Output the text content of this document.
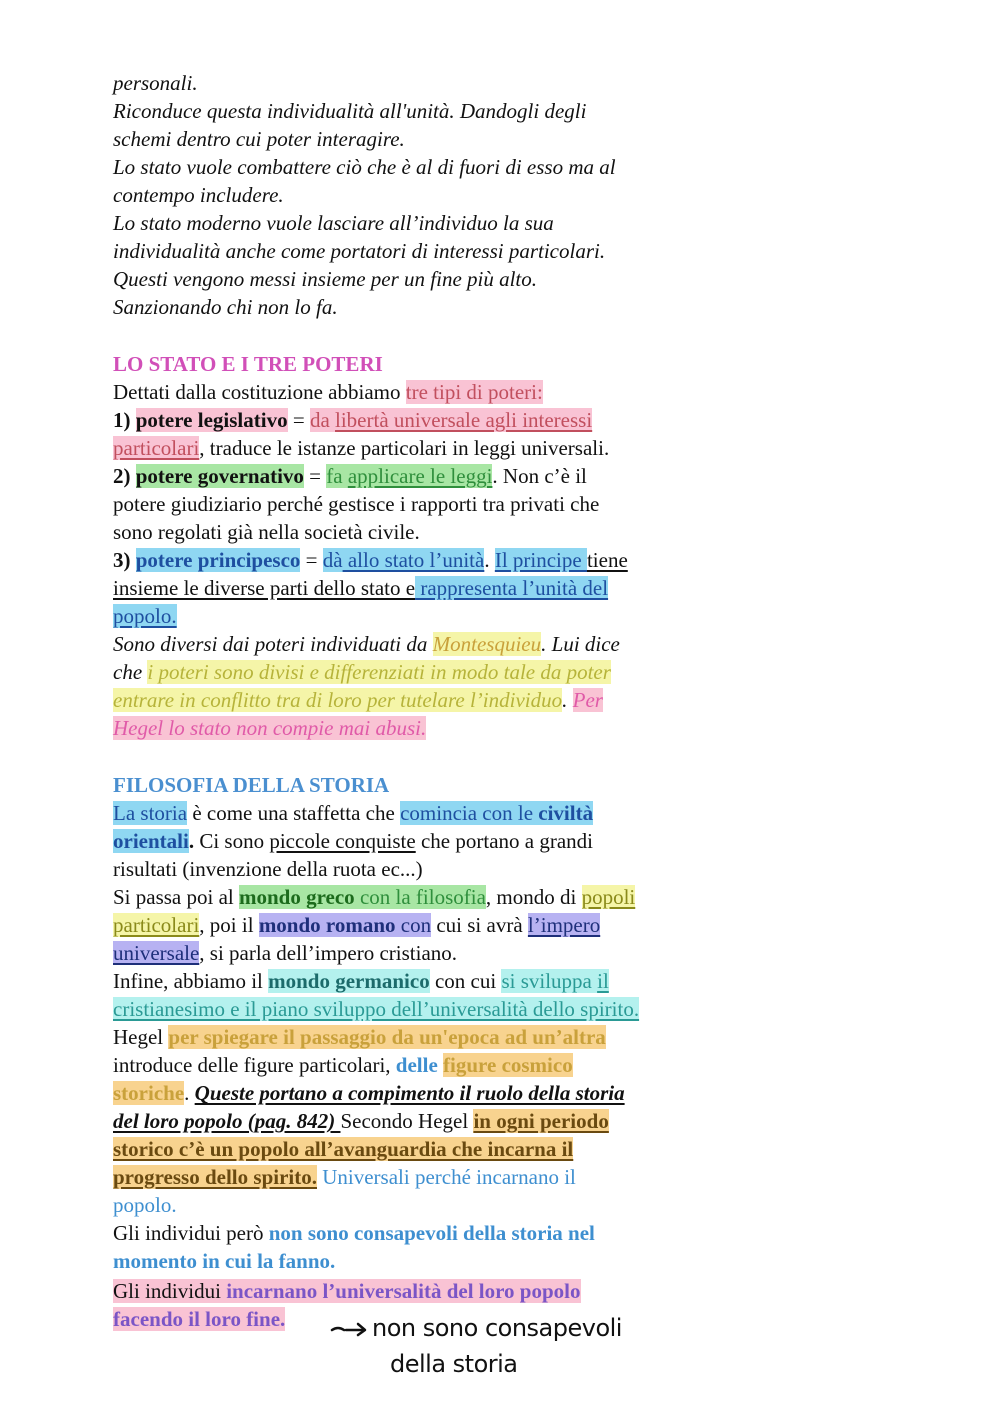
personali.
Riconduce questa individualità all'unità. Dandogli degli
schemi dentro cui poter interagire.
Lo stato vuole combattere ciò che è al di fuori di esso ma al
contempo includere.
Lo stato moderno vuole lasciare all’individuo la sua
individualità anche come portatori di interessi particolari.
Questi vengono messi insieme per un fine più alto.
Sanzionando chi non lo fa.
LO STATO E I TRE POTERI
Dettati dalla costituzione abbiamo tre tipi di poteri:
1) potere legislativo = da libertà universale agli interessi
particolari, traduce le istanze particolari in leggi universali.
2) potere governativo = fa applicare le leggi. Non c’è il
potere giudiziario perché gestisce i rapporti tra privati che
sono regolati già nella società civile.
3) potere principesco = dà allo stato l’unità. Il principe tiene
insieme le diverse parti dello stato e rappresenta l’unità del
popolo.
Sono diversi dai poteri individuati da Montesquieu. Lui dice
che i poteri sono divisi e differenziati in modo tale da poter
entrare in conflitto tra di loro per tutelare l’individuo. Per
Hegel lo stato non compie mai abusi.
FILOSOFIA DELLA STORIA
La storia è come una staffetta che comincia con le civiltà
orientali. Ci sono piccole conquiste che portano a grandi
risultati (invenzione della ruota ec...)
Si passa poi al mondo greco con la filosofia, mondo di popoli
particolari, poi il mondo romano con cui si avrà l’impero
universale, si parla dell’impero cristiano.
Infine, abbiamo il mondo germanico con cui si sviluppa il
cristianesimo e il piano sviluppo dell’universalità dello spirito.
Hegel per spiegare il passaggio da un'epoca ad un’altra
introduce delle figure particolari, delle figure cosmico
storiche. Queste portano a compimento il ruolo della storia
del loro popolo (pag. 842) Secondo Hegel in ogni periodo
storico c’è un popolo all’avanguardia che incarna il
progresso dello spirito. Universali perché incarnano il
popolo.
Gli individui però non sono consapevoli della storia nel
momento in cui la fanno.
Gli individui incarnano l’universalità del loro popolo
facendo il loro fine.	non sono consapevoli
della storia
